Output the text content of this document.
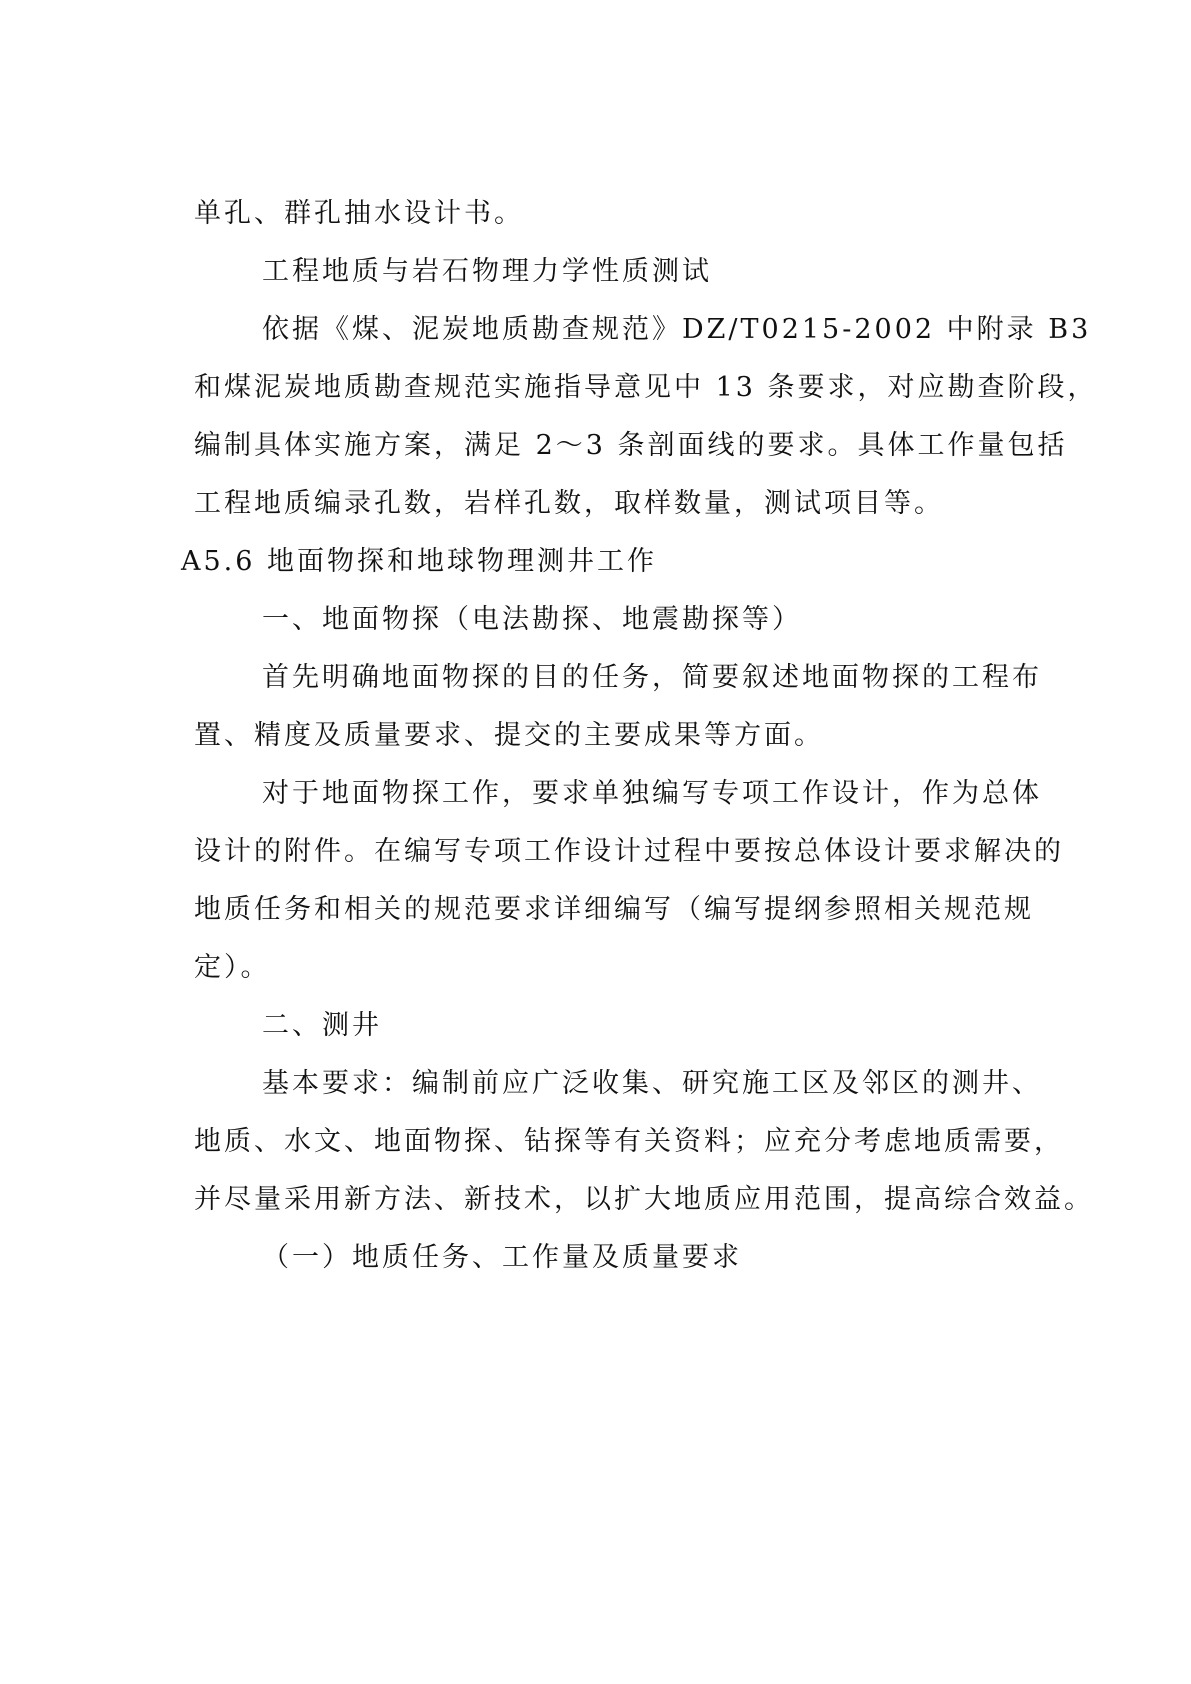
单孔、群孔抽水设计书。
工程地质与岩石物理力学性质测试
依据《煤、泥炭地质勘查规范》DZ/T0215-2002 中附录 B3
和煤泥炭地质勘查规范实施指导意见中 13 条要求，对应勘查阶段，
编制具体实施方案，满足 2～3 条剖面线的要求。具体工作量包括
工程地质编录孔数，岩样孔数，取样数量，测试项目等。
A5.6 地面物探和地球物理测井工作
一、地面物探（电法勘探、地震勘探等）
首先明确地面物探的目的任务，简要叙述地面物探的工程布
置、精度及质量要求、提交的主要成果等方面。
对于地面物探工作，要求单独编写专项工作设计，作为总体
设计的附件。在编写专项工作设计过程中要按总体设计要求解决的
地质任务和相关的规范要求详细编写（编写提纲参照相关规范规
定）。
二、测井
基本要求：编制前应广泛收集、研究施工区及邻区的测井、
地质、水文、地面物探、钻探等有关资料；应充分考虑地质需要，
并尽量采用新方法、新技术，以扩大地质应用范围，提高综合效益。
（一）地质任务、工作量及质量要求
